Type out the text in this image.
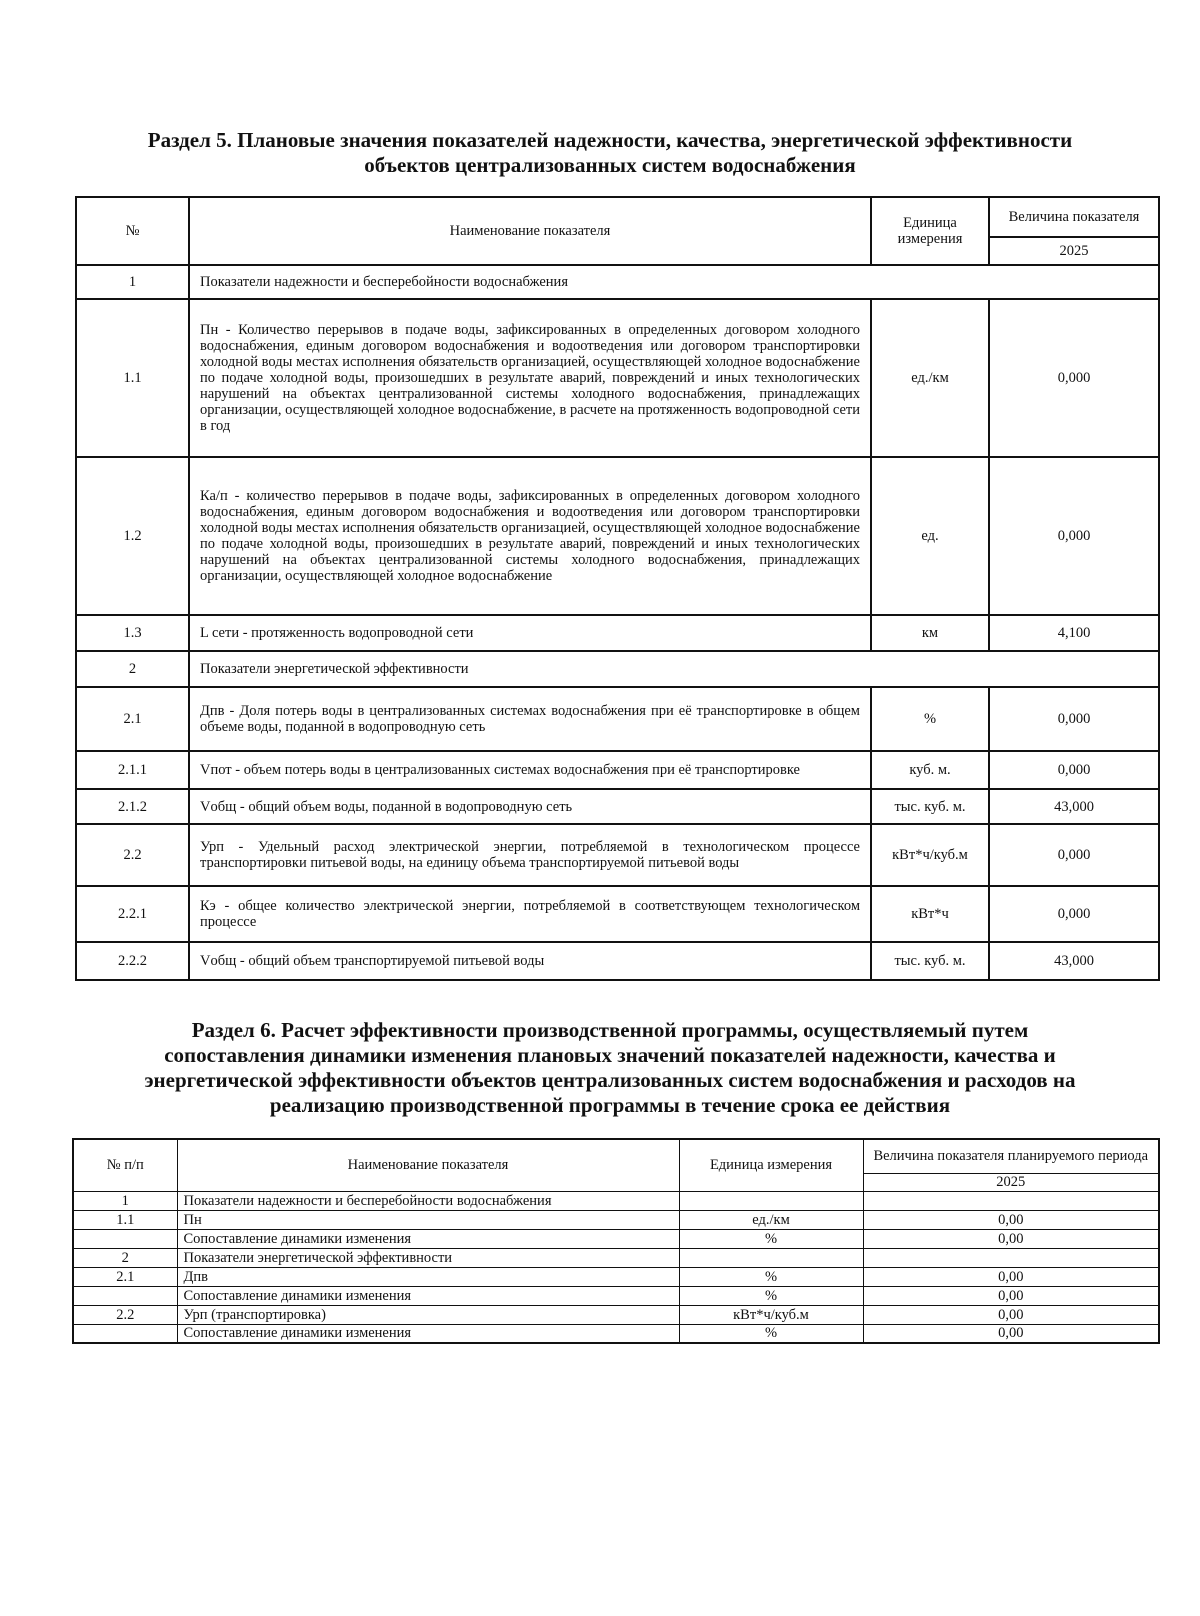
Раздел 5. Плановые значения показателей надежности, качества, энергетической эффективности
объектов централизованных систем водоснабжения
№	Наименование показателя	Единица измерения	Величина показателя
			2025
1	Показатели надежности и бесперебойности водоснабжения		
1.1	Пн - Количество перерывов в подаче воды, зафиксированных в определенных договором холодного водоснабжения, единым договором водоснабжения и водоотведения или договором транспортировки холодной воды местах исполнения обязательств организацией, осуществляющей холодное водоснабжение по подаче холодной воды, произошедших в результате аварий, повреждений и иных технологических нарушений на объектах централизованной системы холодного водоснабжения, принадлежащих организации, осуществляющей холодное водоснабжение, в расчете на протяженность водопроводной сети в год	ед./км	0,000
1.2	Ка/п - количество перерывов в подаче воды, зафиксированных в определенных договором холодного водоснабжения, единым договором водоснабжения и водоотведения или договором транспортировки холодной воды местах исполнения обязательств организацией, осуществляющей холодное водоснабжение по подаче холодной воды, произошедших в результате аварий, повреждений и иных технологических нарушений на объектах централизованной системы холодного водоснабжения, принадлежащих организации, осуществляющей холодное водоснабжение	ед.	0,000
1.3	L сети - протяженность водопроводной сети	км	4,100
2	Показатели энергетической эффективности		
2.1	Дпв - Доля потерь воды в централизованных системах водоснабжения при её транспортировке в общем объеме воды, поданной в водопроводную сеть	%	0,000
2.1.1	Vпот - объем потерь воды в централизованных системах водоснабжения при её транспортировке	куб. м.	0,000
2.1.2	Vобщ - общий объем воды, поданной в водопроводную сеть	тыс. куб. м.	43,000
2.2	Урп - Удельный расход электрической энергии, потребляемой в технологическом процессе транспортировки питьевой воды, на единицу объема транспортируемой питьевой воды	кВт*ч/куб.м	0,000
2.2.1	Кэ - общее количество электрической энергии, потребляемой в соответствующем технологическом процессе	кВт*ч	0,000
2.2.2	Vобщ - общий объем транспортируемой питьевой воды	тыс. куб. м.	43,000
Раздел 6. Расчет эффективности производственной программы, осуществляемый путем
сопоставления динамики изменения плановых значений показателей надежности, качества и
энергетической эффективности объектов централизованных систем водоснабжения и расходов на
реализацию производственной программы в течение срока ее действия
№ п/п	Наименование показателя	Единица измерения	Величина показателя планируемого периода
			2025
1	Показатели надежности и бесперебойности водоснабжения		
1.1	Пн	ед./км	0,00
	Сопоставление динамики изменения	%	0,00
2	Показатели энергетической эффективности		
2.1	Дпв	%	0,00
	Сопоставление динамики изменения	%	0,00
2.2	Урп (транспортировка)	кВт*ч/куб.м	0,00
	Сопоставление динамики изменения	%	0,00
